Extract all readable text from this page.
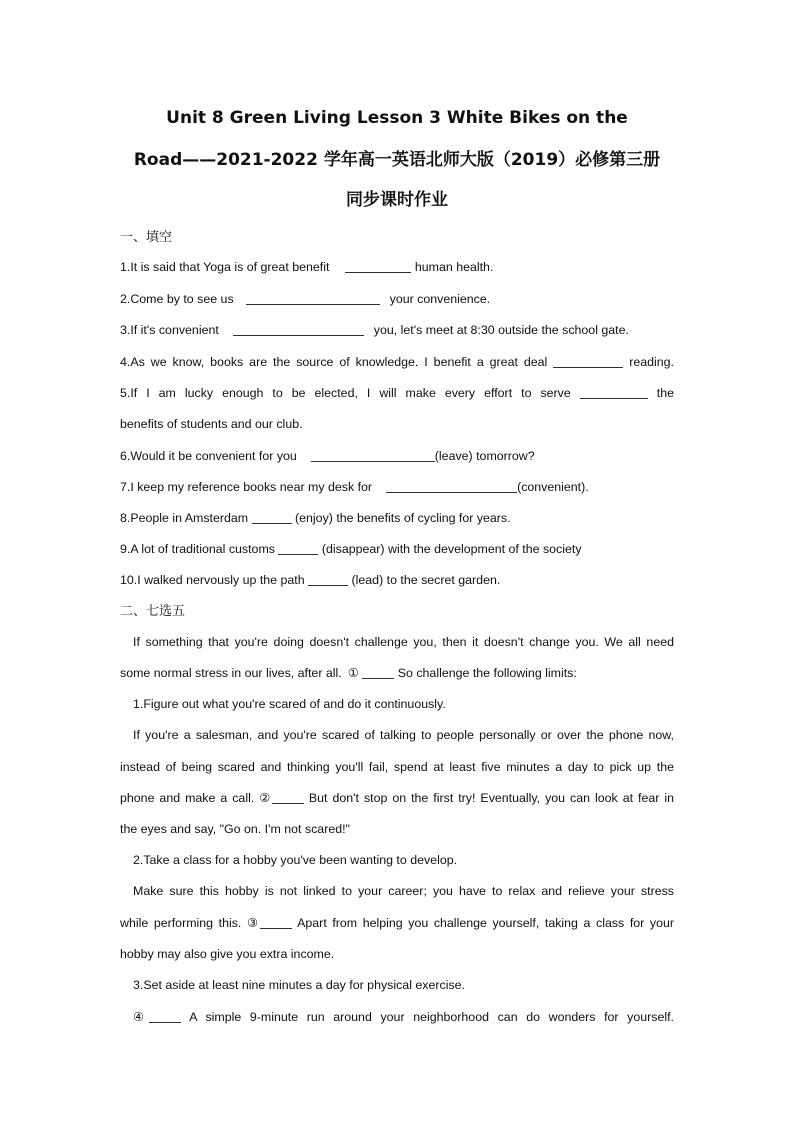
Unit 8 Green Living Lesson 3 White Bikes on the
Road——2021-2022 学年高一英语北师大版（2019）必修第三册
同步课时作业
一、填空
1.It is said that Yoga is of great benefit	human health.
2.Come by to see us	your convenience.
3.If it's convenient	you, let's meet at 8:30 outside the school gate.
4.As we know, books are the source of knowledge. I benefit a great deal	reading.
5.If I am lucky enough to be elected, I will make every effort to serve	the
benefits of students and our club.
6.Would it be convenient for you	(leave) tomorrow?
7.I keep my reference books near my desk for	(convenient).
8.People in Amsterdam	(enjoy) the benefits of cycling for years.
9.A lot of traditional customs	(disappear) with the development of the society
10.I walked nervously up the path	(lead) to the secret garden.
二、七选五
If something that you're doing doesn't challenge you, then it doesn't change you. We all need
some normal stress in our lives, after all. ①	So challenge the following limits:
1.Figure out what you're scared of and do it continuously.
If you're a salesman, and you're scared of talking to people personally or over the phone now,
instead of being scared and thinking you'll fail, spend at least five minutes a day to pick up the
phone and make a call. ②	But don't stop on the first try! Eventually, you can look at fear in
the eyes and say, "Go on. I'm not scared!"
2.Take a class for a hobby you've been wanting to develop.
Make sure this hobby is not linked to your career; you have to relax and relieve your stress
while performing this. ③	Apart from helping you challenge yourself, taking a class for your
hobby may also give you extra income.
3.Set aside at least nine minutes a day for physical exercise.
④	A simple 9-minute run around your neighborhood can do wonders for yourself.
